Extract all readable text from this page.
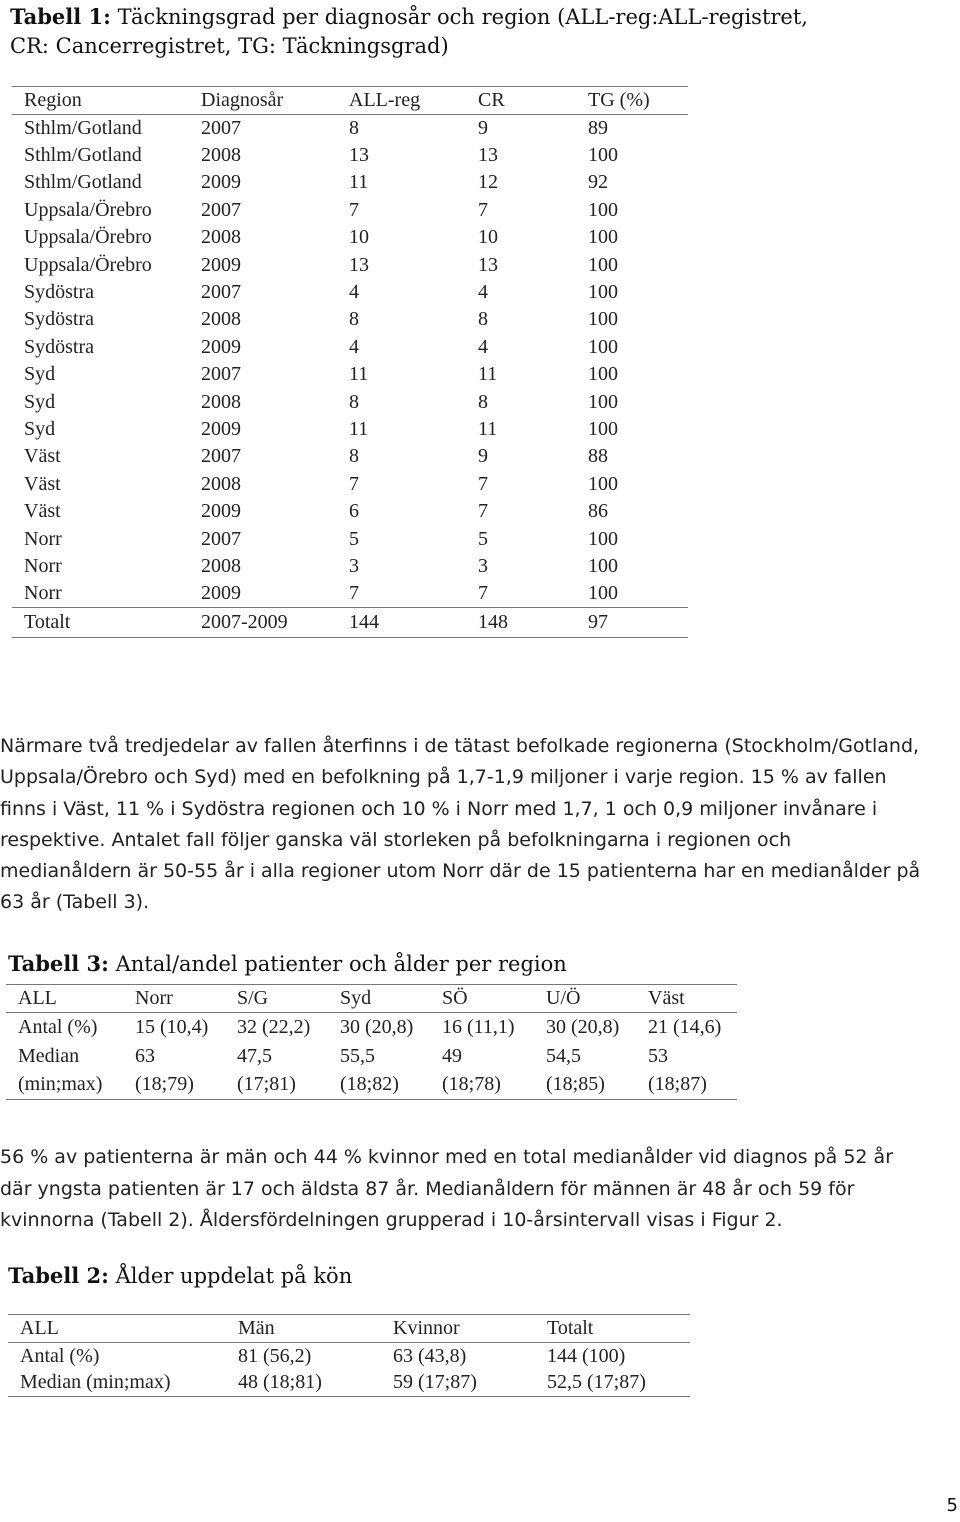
Tabell 1: Täckningsgrad per diagnosår och region (ALL-reg:ALL-registret,
CR: Cancerregistret, TG: Täckningsgrad)
Region	Diagnosår	ALL-reg	CR	TG (%)
Sthlm/Gotland	2007	8	9	89
Sthlm/Gotland	2008	13	13	100
Sthlm/Gotland	2009	11	12	92
Uppsala/Örebro	2007	7	7	100
Uppsala/Örebro	2008	10	10	100
Uppsala/Örebro	2009	13	13	100
Sydöstra	2007	4	4	100
Sydöstra	2008	8	8	100
Sydöstra	2009	4	4	100
Syd	2007	11	11	100
Syd	2008	8	8	100
Syd	2009	11	11	100
Väst	2007	8	9	88
Väst	2008	7	7	100
Väst	2009	6	7	86
Norr	2007	5	5	100
Norr	2008	3	3	100
Norr	2009	7	7	100
Totalt	2007-2009	144	148	97
Närmare två tredjedelar av fallen återfinns i de tätast befolkade regionerna (Stockholm/Gotland,
Uppsala/Örebro och Syd) med en befolkning på 1,7-1,9 miljoner i varje region. 15 % av fallen
finns i Väst, 11 % i Sydöstra regionen och 10 % i Norr med 1,7, 1 och 0,9 miljoner invånare i
respektive. Antalet fall följer ganska väl storleken på befolkningarna i regionen och
medianåldern är 50-55 år i alla regioner utom Norr där de 15 patienterna har en medianålder på
63 år (Tabell 3).
Tabell 3: Antal/andel patienter och ålder per region
ALL	Norr	S/G	Syd	SÖ	U/Ö	Väst
Antal (%)	15 (10,4)	32 (22,2)	30 (20,8)	16 (11,1)	30 (20,8)	21 (14,6)
Median	63	47,5	55,5	49	54,5	53
(min;max)	(18;79)	(17;81)	(18;82)	(18;78)	(18;85)	(18;87)
56 % av patienterna är män och 44 % kvinnor med en total medianålder vid diagnos på 52 år
där yngsta patienten är 17 och äldsta 87 år. Medianåldern för männen är 48 år och 59 för
kvinnorna (Tabell 2). Åldersfördelningen grupperad i 10-årsintervall visas i Figur 2.
Tabell 2: Ålder uppdelat på kön
ALL	Män	Kvinnor	Totalt
Antal (%)	81 (56,2)	63 (43,8)	144 (100)
Median (min;max)	48 (18;81)	59 (17;87)	52,5 (17;87)
5
